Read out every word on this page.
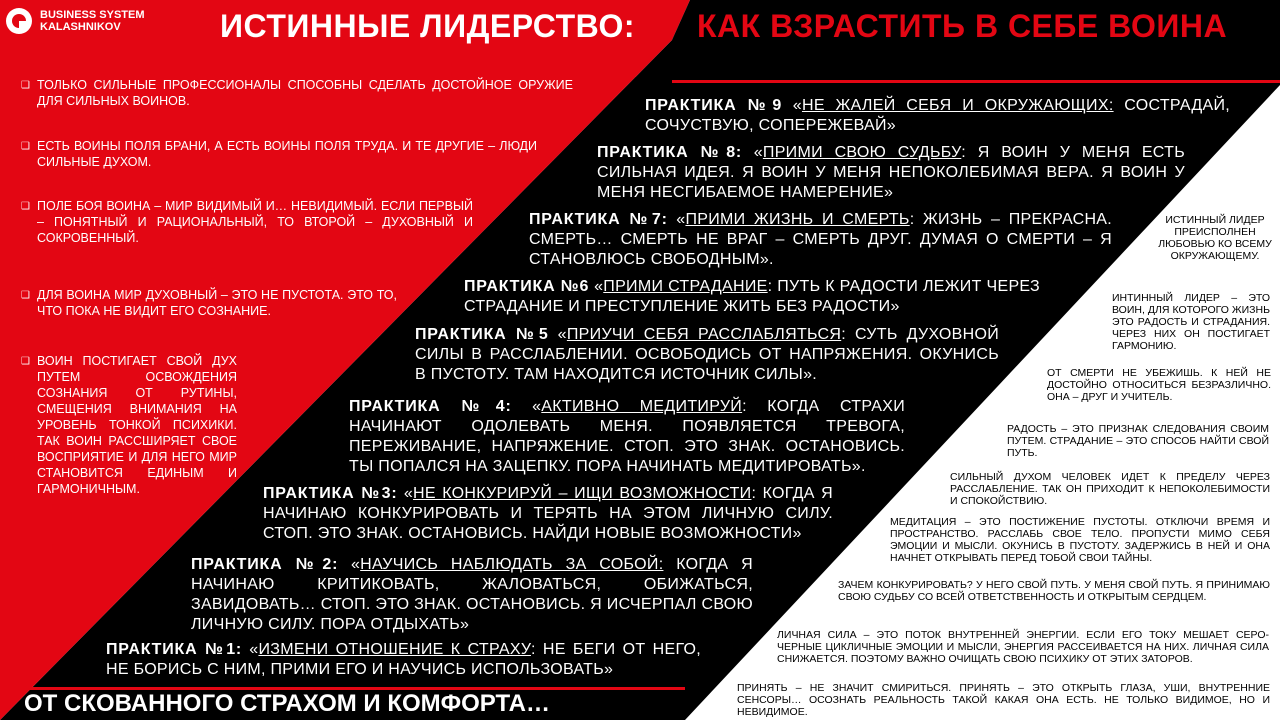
BUSINESS SYSTEM
KALASHNIKOV	ИСТИННЫЕ ЛИДЕРСТВО: КАК ВЗРАСТИТЬ В СЕБЕ ВОИНА
…К СВОБОДНОМУ ПОЛЕТУ И ЛЮБВИ
❑ ТОЛЬКО СИЛЬНЫЕ ПРОФЕССИОНАЛЫ СПОСОБНЫ СДЕЛАТЬ ДОСТОЙНОЕ ОРУЖИЕ ДЛЯ СИЛЬНЫХ ВОИНОВ.
❑ ЕСТЬ ВОИНЫ ПОЛЯ БРАНИ, А ЕСТЬ ВОИНЫ ПОЛЯ ТРУДА. И ТЕ ДРУГИЕ – ЛЮДИ СИЛЬНЫЕ ДУХОМ.
❑ ПОЛЕ БОЯ ВОИНА – МИР ВИДИМЫЙ И… НЕВИДИМЫЙ. ЕСЛИ ПЕРВЫЙ – ПОНЯТНЫЙ И РАЦИОНАЛЬНЫЙ, ТО ВТОРОЙ – ДУХОВНЫЙ И СОКРОВЕННЫЙ.
❑ ДЛЯ ВОИНА МИР ДУХОВНЫЙ – ЭТО НЕ ПУСТОТА. ЭТО ТО, ЧТО ПОКА НЕ ВИДИТ ЕГО СОЗНАНИЕ.
❑ ВОИН ПОСТИГАЕТ СВОЙ ДУХ ПУТЕМ ОСВОЖДЕНИЯ СОЗНАНИЯ ОТ РУТИНЫ, СМЕЩЕНИЯ ВНИМАНИЯ НА УРОВЕНЬ ТОНКОЙ ПСИХИКИ. ТАК ВОИН РАССШИРЯЕТ СВОЕ ВОСПРИЯТИЕ И ДЛЯ НЕГО МИР СТАНОВИТСЯ ЕДИНЫМ И ГАРМОНИЧНЫМ.
ПРАКТИКА №9 «НЕ ЖАЛЕЙ СЕБЯ И ОКРУЖАЮЩИХ: СОСТРАДАЙ, СОЧУСТВУЮ, СОПЕРЕЖЕВАЙ»
ПРАКТИКА №8: «ПРИМИ СВОЮ СУДЬБУ: Я ВОИН У МЕНЯ ЕСТЬ СИЛЬНАЯ ИДЕЯ. Я ВОИН У МЕНЯ НЕПОКОЛЕБИМАЯ ВЕРА. Я ВОИН У МЕНЯ НЕСГИБАЕМОЕ НАМЕРЕНИЕ»
ПРАКТИКА №7: «ПРИМИ ЖИЗНЬ И СМЕРТЬ: ЖИЗНЬ – ПРЕКРАСНА. СМЕРТЬ… СМЕРТЬ НЕ ВРАГ – СМЕРТЬ ДРУГ. ДУМАЯ О СМЕРТИ – Я СТАНОВЛЮСЬ СВОБОДНЫМ».
ПРАКТИКА №6 «ПРИМИ СТРАДАНИЕ: ПУТЬ К РАДОСТИ ЛЕЖИТ ЧЕРЕЗ СТРАДАНИЕ И ПРЕСТУПЛЕНИЕ ЖИТЬ БЕЗ РАДОСТИ»
ПРАКТИКА №5 «ПРИУЧИ СЕБЯ РАССЛАБЛЯТЬСЯ: СУТЬ ДУХОВНОЙ СИЛЫ В РАССЛАБЛЕНИИ. ОСВОБОДИСЬ ОТ НАПРЯЖЕНИЯ. ОКУНИСЬ В ПУСТОТУ. ТАМ НАХОДИТСЯ ИСТОЧНИК СИЛЫ».
ПРАКТИКА №4: «АКТИВНО МЕДИТИРУЙ: КОГДА СТРАХИ НАЧИНАЮТ ОДОЛЕВАТЬ МЕНЯ. ПОЯВЛЯЕТСЯ ТРЕВОГА, ПЕРЕЖИВАНИЕ, НАПРЯЖЕНИЕ. СТОП. ЭТО ЗНАК. ОСТАНОВИСЬ. ТЫ ПОПАЛСЯ НА ЗАЦЕПКУ. ПОРА НАЧИНАТЬ МЕДИТИРОВАТЬ».
ПРАКТИКА №3: «НЕ КОНКУРИРУЙ – ИЩИ ВОЗМОЖНОСТИ: КОГДА Я НАЧИНАЮ КОНКУРИРОВАТЬ И ТЕРЯТЬ НА ЭТОМ ЛИЧНУЮ СИЛУ. СТОП. ЭТО ЗНАК. ОСТАНОВИСЬ. НАЙДИ НОВЫЕ ВОЗМОЖНОСТИ»
ПРАКТИКА №2: «НАУЧИСЬ НАБЛЮДАТЬ ЗА СОБОЙ: КОГДА Я НАЧИНАЮ КРИТИКОВАТЬ, ЖАЛОВАТЬСЯ, ОБИЖАТЬСЯ, ЗАВИДОВАТЬ… СТОП. ЭТО ЗНАК. ОСТАНОВИСЬ. Я ИСЧЕРПАЛ СВОЮ ЛИЧНУЮ СИЛУ. ПОРА ОТДЫХАТЬ»
ПРАКТИКА №1: «ИЗМЕНИ ОТНОШЕНИЕ К СТРАХУ: НЕ БЕГИ ОТ НЕГО, НЕ БОРИСЬ С НИМ, ПРИМИ ЕГО И НАУЧИСЬ ИСПОЛЬЗОВАТЬ»
ОТ СКОВАННОГО СТРАХОМ И КОМФОРТА…
ИСТИННЫЙ ЛИДЕР ПРЕИСПОЛНЕН ЛЮБОВЬЮ КО ВСЕМУ ОКРУЖАЮЩЕМУ.
ИНТИННЫЙ ЛИДЕР – ЭТО ВОИН, ДЛЯ КОТОРОГО ЖИЗНЬ ЭТО РАДОСТЬ И СТРАДАНИЯ. ЧЕРЕЗ НИХ ОН ПОСТИГАЕТ ГАРМОНИЮ.
ОТ СМЕРТИ НЕ УБЕЖИШЬ. К НЕЙ НЕ ДОСТОЙНО ОТНОСИТЬСЯ БЕЗРАЗЛИЧНО. ОНА – ДРУГ И УЧИТЕЛЬ.
РАДОСТЬ – ЭТО ПРИЗНАК СЛЕДОВАНИЯ СВОИМ ПУТЕМ. СТРАДАНИЕ – ЭТО СПОСОБ НАЙТИ СВОЙ ПУТЬ.
СИЛЬНЫЙ ДУХОМ ЧЕЛОВЕК ИДЕТ К ПРЕДЕЛУ ЧЕРЕЗ РАССЛАБЛЕНИЕ. ТАК ОН ПРИХОДИТ К НЕПОКОЛЕБИМОСТИ И СПОКОЙСТВИЮ.
МЕДИТАЦИЯ – ЭТО ПОСТИЖЕНИЕ ПУСТОТЫ. ОТКЛЮЧИ ВРЕМЯ И ПРОСТРАНСТВО. РАССЛАБЬ СВОЕ ТЕЛО. ПРОПУСТИ МИМО СЕБЯ ЭМОЦИИ И МЫСЛИ. ОКУНИСЬ В ПУСТОТУ. ЗАДЕРЖИСЬ В НЕЙ И ОНА НАЧНЕТ ОТКРЫВАТЬ ПЕРЕД ТОБОЙ СВОИ ТАЙНЫ.
ЗАЧЕМ КОНКУРИРОВАТЬ? У НЕГО СВОЙ ПУТЬ. У МЕНЯ СВОЙ ПУТЬ. Я ПРИНИМАЮ СВОЮ СУДЬБУ СО ВСЕЙ ОТВЕТСТВЕННОСТЬ И ОТКРЫТЫМ СЕРДЦЕМ.
ЛИЧНАЯ СИЛА – ЭТО ПОТОК ВНУТРЕННЕЙ ЭНЕРГИИ. ЕСЛИ ЕГО ТОКУ МЕШАЕТ СЕРО-ЧЕРНЫЕ ЦИКЛИЧНЫЕ ЭМОЦИИ И МЫСЛИ, ЭНЕРГИЯ РАССЕИВАЕТСЯ НА НИХ. ЛИЧНАЯ СИЛА СНИЖАЕТСЯ. ПОЭТОМУ ВАЖНО ОЧИЩАТЬ СВОЮ ПСИХИКУ ОТ ЭТИХ ЗАТОРОВ.
ПРИНЯТЬ – НЕ ЗНАЧИТ СМИРИТЬСЯ. ПРИНЯТЬ – ЭТО ОТКРЫТЬ ГЛАЗА, УШИ, ВНУТРЕННИЕ СЕНСОРЫ… ОСОЗНАТЬ РЕАЛЬНОСТЬ ТАКОЙ КАКАЯ ОНА ЕСТЬ. НЕ ТОЛЬКО ВИДИМОЕ, НО И НЕВИДИМОЕ.
